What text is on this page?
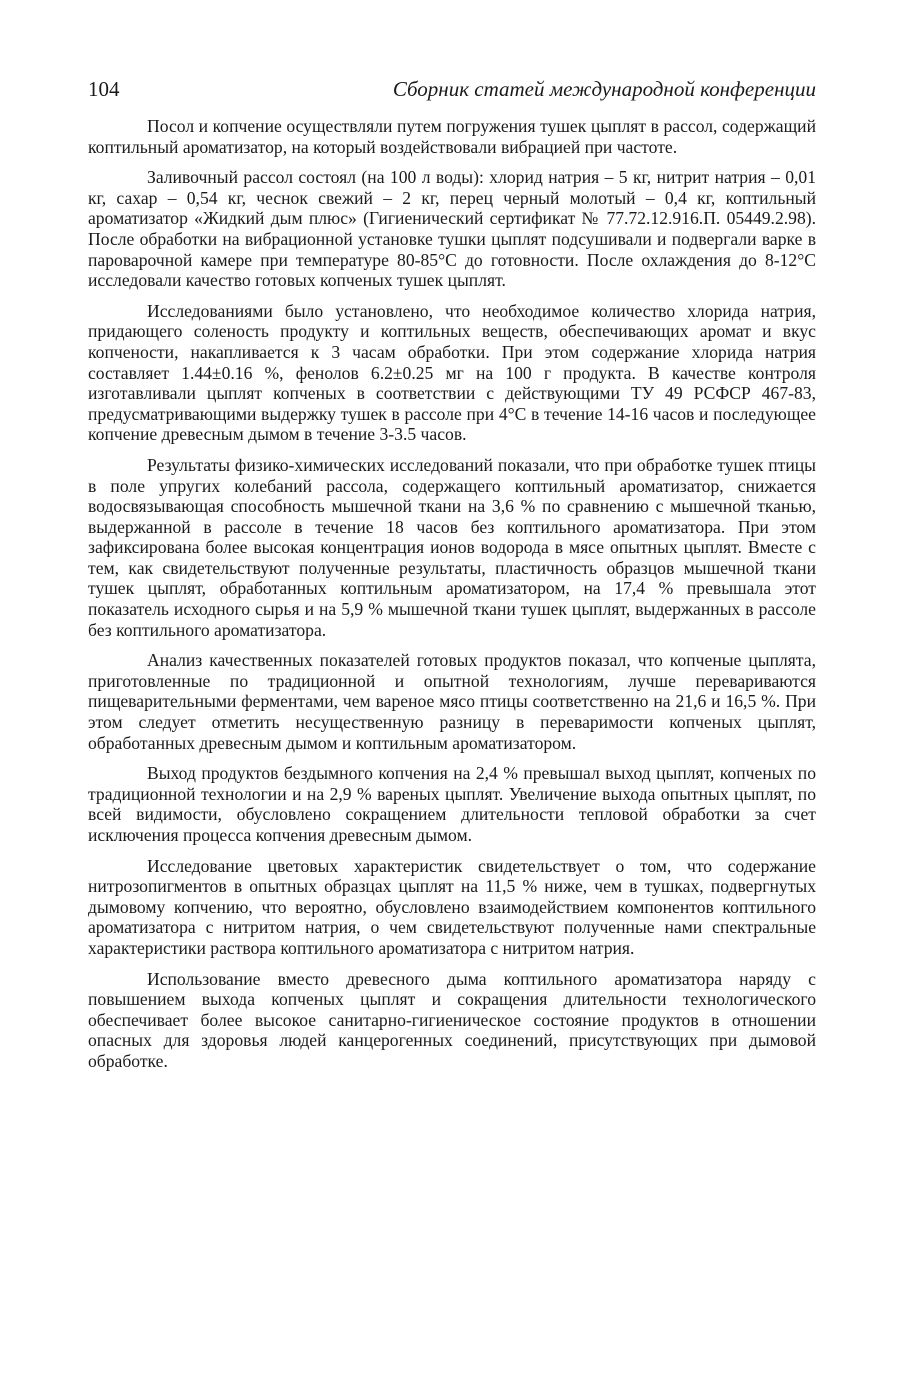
104	Сборник статей международной конференции

Посол и копчение осуществляли путем погружения тушек цыплят в рассол, содержащий коптильный ароматизатор, на который воздействовали вибрацией при частоте.

Заливочный рассол состоял (на 100 л воды): хлорид натрия – 5 кг, нитрит натрия – 0,01 кг, сахар – 0,54 кг, чеснок свежий – 2 кг, перец черный молотый – 0,4 кг, коптильный ароматизатор «Жидкий дым плюс» (Гигиенический сертификат № 77.72.12.916.П. 05449.2.98). После обработки на вибрационной установке тушки цыплят подсушивали и подвергали варке в пароварочной камере при температуре 80-85°С до готовности. После охлаждения до 8-12°С исследовали качество готовых копченых тушек цыплят.

Исследованиями было установлено, что необходимое количество хлорида натрия, придающего соленость продукту и коптильных веществ, обеспечивающих аромат и вкус копчености, накапливается к 3 часам обработки. При этом содержание хлорида натрия составляет 1.44±0.16 %, фенолов 6.2±0.25 мг на 100 г продукта. В качестве контроля изготавливали цыплят копченых в соответствии с действующими ТУ 49 РСФСР 467-83, предусматривающими выдержку тушек в рассоле при 4°С в течение 14-16 часов и последующее копчение древесным дымом в течение 3-3.5 часов.

Результаты физико-химических исследований показали, что при обработке тушек птицы в поле упругих колебаний рассола, содержащего коптильный ароматизатор, снижается водосвязывающая способность мышечной ткани на 3,6 % по сравнению с мышечной тканью, выдержанной в рассоле в течение 18 часов без коптильного ароматизатора. При этом зафиксирована более высокая концентрация ионов водорода в мясе опытных цыплят. Вместе с тем, как свидетельствуют полученные результаты, пластичность образцов мышечной ткани тушек цыплят, обработанных коптильным ароматизатором, на 17,4 % превышала этот показатель исходного сырья и на 5,9 % мышечной ткани тушек цыплят, выдержанных в рассоле без коптильного ароматизатора.

Анализ качественных показателей готовых продуктов показал, что копченые цыплята, приготовленные по традиционной и опытной технологиям, лучше перевариваются пищеварительными ферментами, чем вареное мясо птицы соответственно на 21,6 и 16,5 %. При этом следует отметить несущественную разницу в переваримости копченых цыплят, обработанных древесным дымом и коптильным ароматизатором.

Выход продуктов бездымного копчения на 2,4 % превышал выход цыплят, копченых по традиционной технологии и на 2,9 % вареных цыплят. Увеличение выхода опытных цыплят, по всей видимости, обусловлено сокращением длительности тепловой обработки за счет исключения процесса копчения древесным дымом.

Исследование цветовых характеристик свидетельствует о том, что содержание нитрозопигментов в опытных образцах цыплят на 11,5 % ниже, чем в тушках, подвергнутых дымовому копчению, что вероятно, обусловлено взаимодействием компонентов коптильного ароматизатора с нитритом натрия, о чем свидетельствуют полученные нами спектральные характеристики раствора коптильного ароматизатора с нитритом натрия.

Использование вместо древесного дыма коптильного ароматизатора наряду с повышением выхода копченых цыплят и сокращения длительности технологического обеспечивает более высокое санитарно-гигиеническое состояние продуктов в отношении опасных для здоровья людей канцерогенных соединений, присутствующих при дымовой обработке.
